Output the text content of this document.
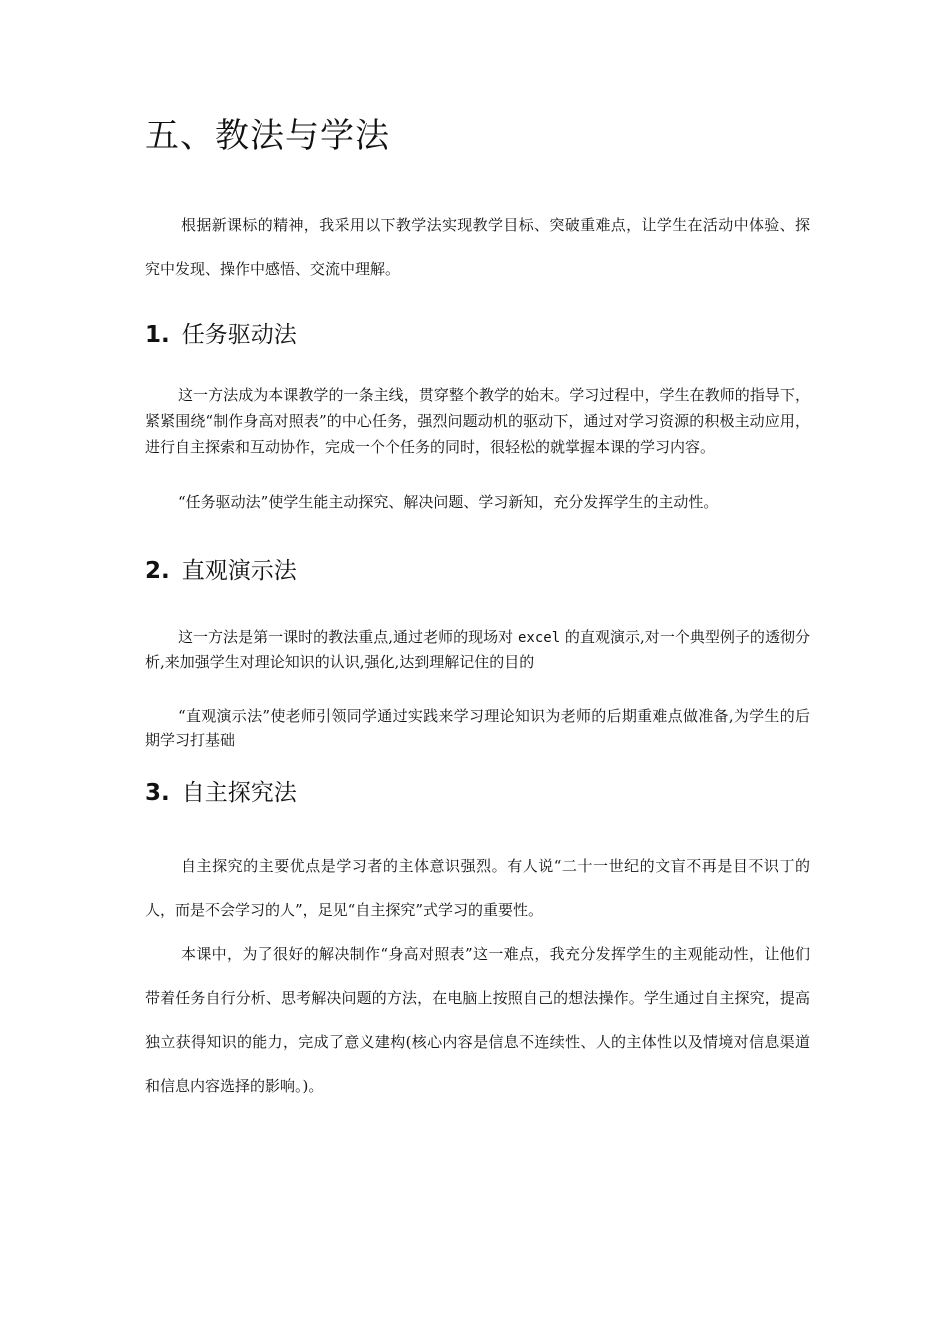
五、教法与学法

根据新课标的精神，我采用以下教学法实现教学目标、突破重难点，让学生在活动中体验、探究中发现、操作中感悟、交流中理解。

1. 任务驱动法

这一方法成为本课教学的一条主线，贯穿整个教学的始末。学习过程中，学生在教师的指导下，紧紧围绕“制作身高对照表”的中心任务，强烈问题动机的驱动下，通过对学习资源的积极主动应用，进行自主探索和互动协作，完成一个个任务的同时，很轻松的就掌握本课的学习内容。

“任务驱动法”使学生能主动探究、解决问题、学习新知，充分发挥学生的主动性。

2. 直观演示法

这一方法是第一课时的教法重点,通过老师的现场对 excel 的直观演示,对一个典型例子的透彻分析,来加强学生对理论知识的认识,强化,达到理解记住的目的

“直观演示法”使老师引领同学通过实践来学习理论知识为老师的后期重难点做准备,为学生的后期学习打基础

3. 自主探究法

自主探究的主要优点是学习者的主体意识强烈。有人说“二十一世纪的文盲不再是目不识丁的人，而是不会学习的人”，足见“自主探究”式学习的重要性。

本课中，为了很好的解决制作“身高对照表”这一难点，我充分发挥学生的主观能动性，让他们带着任务自行分析、思考解决问题的方法，在电脑上按照自己的想法操作。学生通过自主探究，提高独立获得知识的能力，完成了意义建构(核心内容是信息不连续性、人的主体性以及情境对信息渠道和信息内容选择的影响。)。
